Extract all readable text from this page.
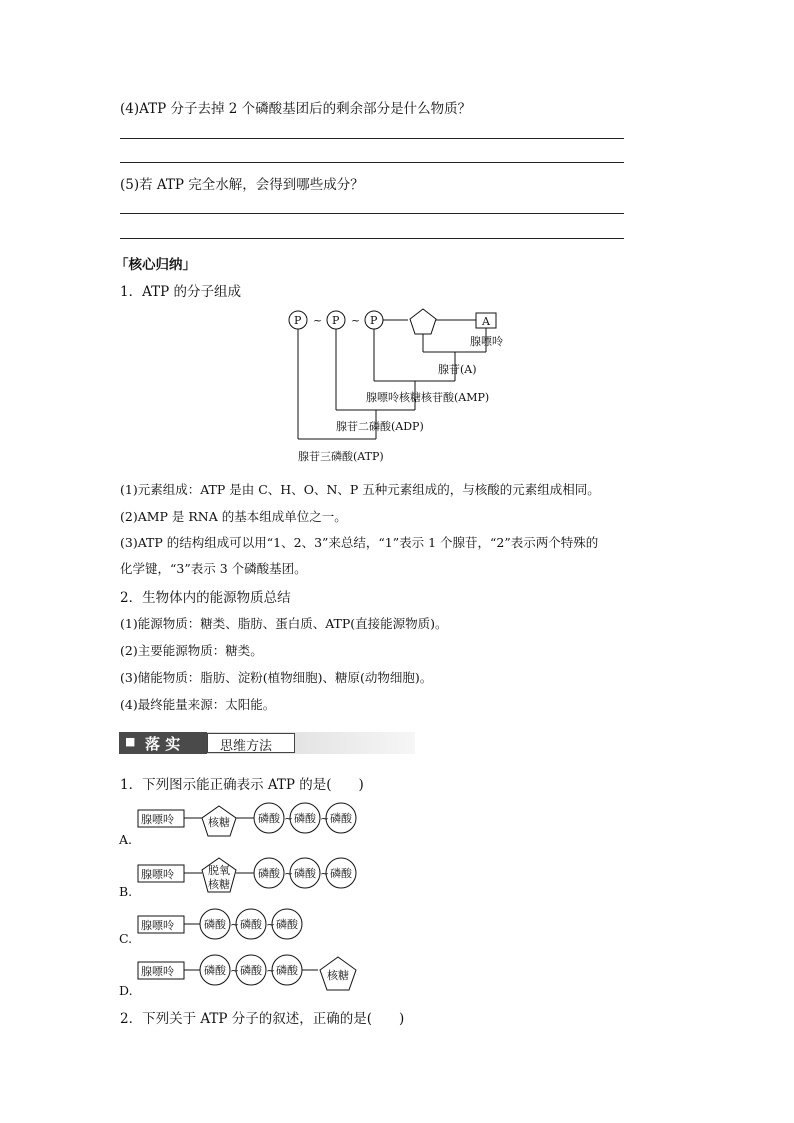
(4)ATP 分子去掉 2 个磷酸基团后的剩余部分是什么物质？
(5)若 ATP 完全水解，会得到哪些成分？
「核心归纳」
1．ATP 的分子组成
P	P	P
~	~	A
腺嘌呤
腺苷(A)
腺嘌呤核糖核苷酸(AMP)
腺苷二磷酸(ADP)
腺苷三磷酸(ATP)
(1)元素组成：ATP 是由 C、H、O、N、P 五种元素组成的，与核酸的元素组成相同。
(2)AMP 是 RNA 的基本组成单位之一。
(3)ATP 的结构组成可以用“1、2、3”来总结，“1”表示 1 个腺苷，“2”表示两个特殊的
化学键，“3”表示 3 个磷酸基团。
2．生物体内的能源物质总结
(1)能源物质：糖类、脂肪、蛋白质、ATP(直接能源物质)。
(2)主要能源物质：糖类。
(3)储能物质：脂肪、淀粉(植物细胞)、糖原(动物细胞)。
(4)最终能量来源：太阳能。
■ 落 实	思维方法
1．下列图示能正确表示 ATP 的是(　　)
腺嘌呤	核糖	磷酸 磷酸 磷酸
~ ~
腺嘌呤	脱氧
核糖
磷酸 磷酸 磷酸
~ ~
腺嘌呤	磷酸 磷酸 磷酸
~ ~
腺嘌呤	磷酸 磷酸 磷酸
~ ~	核糖
A.
B.
C.
D.
2．下列关于 ATP 分子的叙述，正确的是(　　)
